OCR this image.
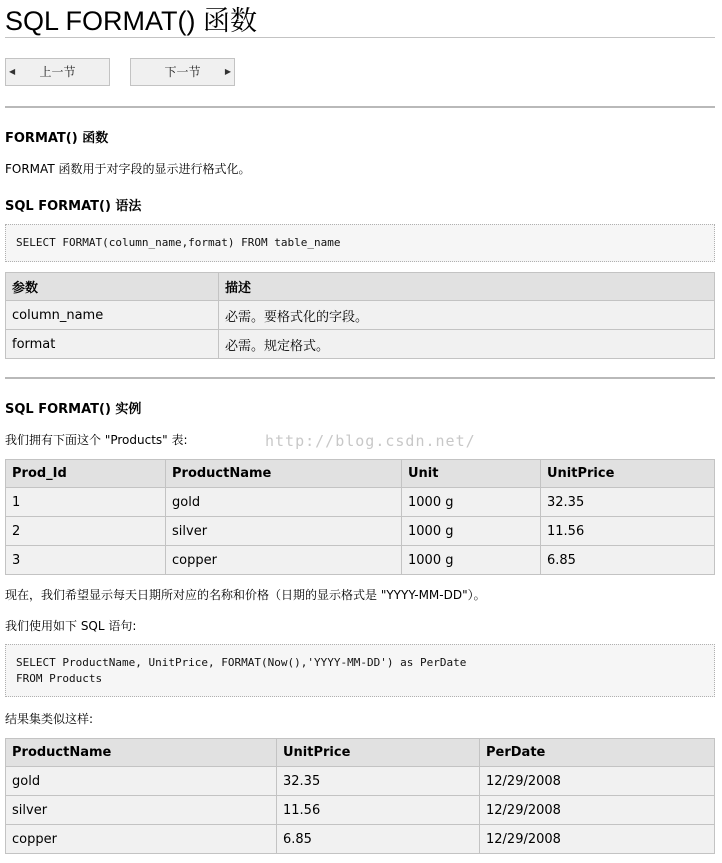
SQL FORMAT() 函数
◀	上一节	下一节	▶
FORMAT() 函数
FORMAT 函数用于对字段的显示进行格式化。
SQL FORMAT() 语法
SELECT FORMAT(column_name,format) FROM table_name
参数	描述
column_name	必需。要格式化的字段。
format	必需。规定格式。
SQL FORMAT() 实例
我们拥有下面这个 "Products" 表:	http://blog.csdn.net/
Prod_Id	ProductName	Unit	UnitPrice
1	gold	1000 g	32.35
2	silver	1000 g	11.56
3	copper	1000 g	6.85
现在，我们希望显示每天日期所对应的名称和价格（日期的显示格式是 "YYYY-MM-DD"）。
我们使用如下 SQL 语句:
SELECT ProductName, UnitPrice, FORMAT(Now(),'YYYY-MM-DD') as PerDate
FROM Products
结果集类似这样:
ProductName	UnitPrice	PerDate
gold	32.35	12/29/2008
silver	11.56	12/29/2008
copper	6.85	12/29/2008
